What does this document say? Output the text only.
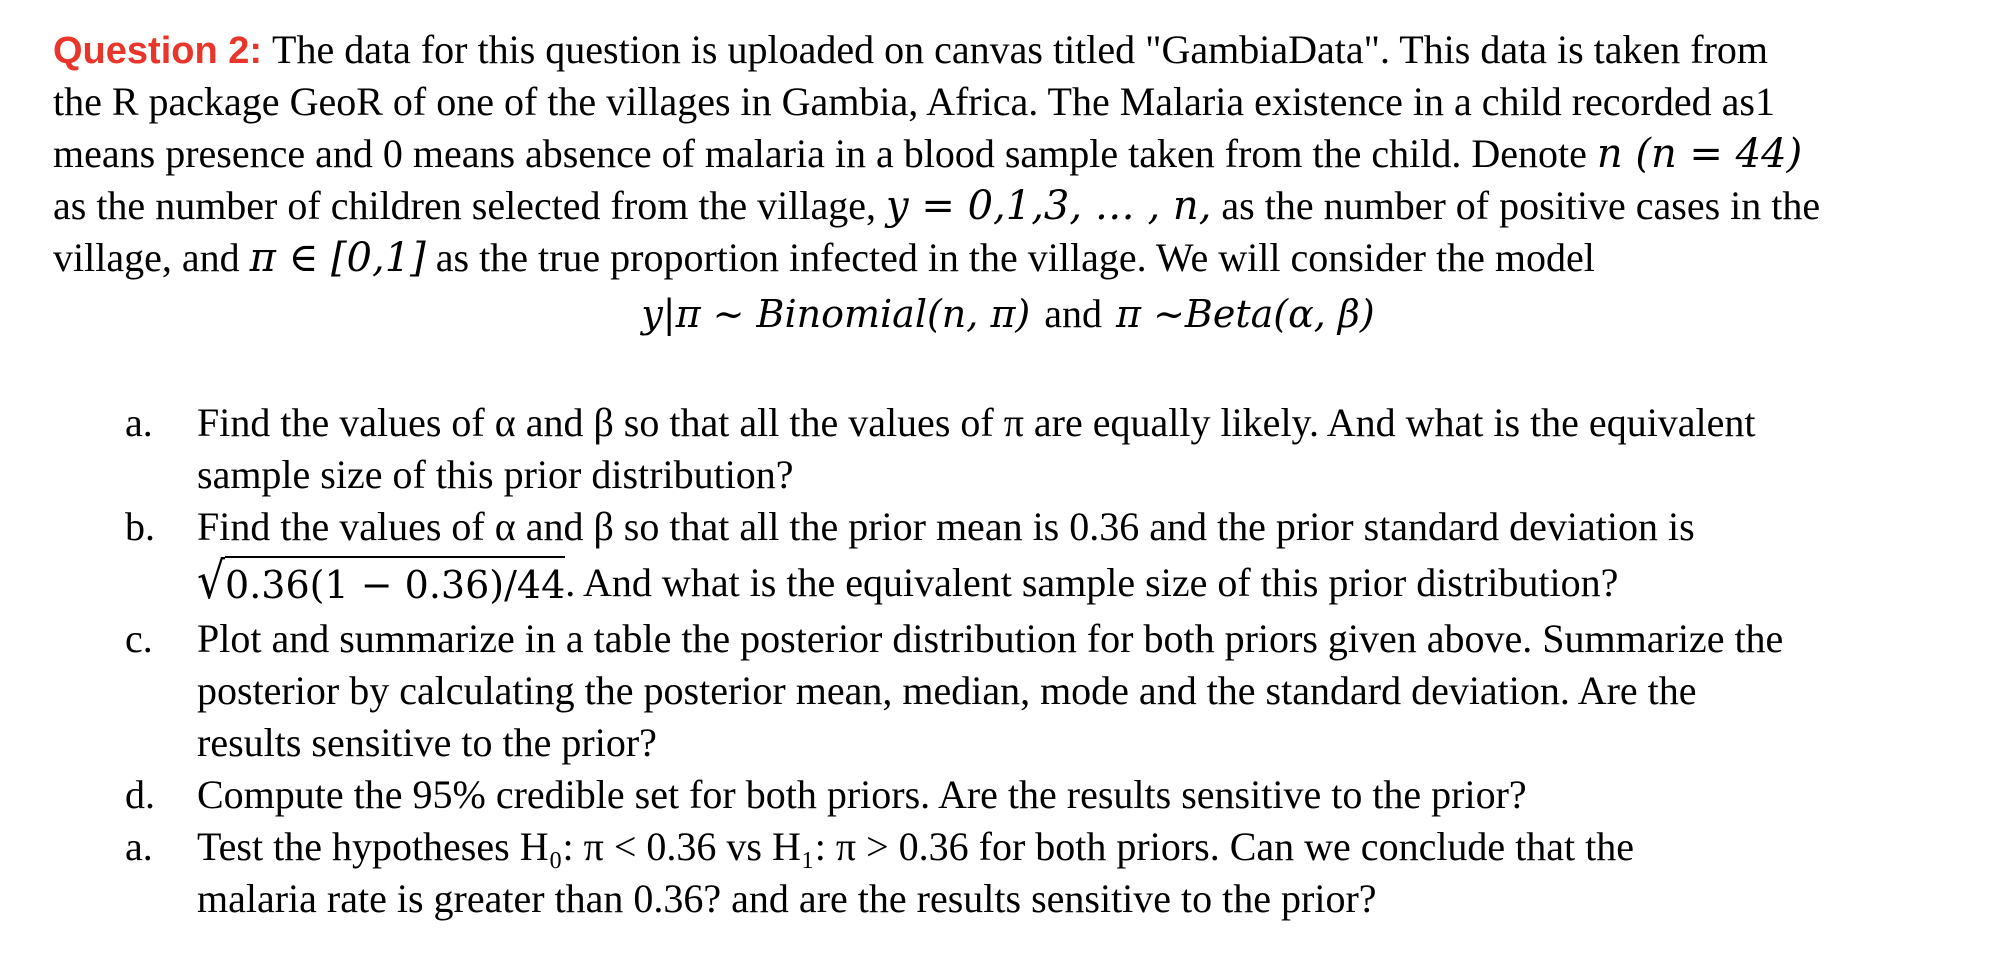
Question 2: The data for this question is uploaded on canvas titled "GambiaData". This data is taken from
the R package GeoR of one of the villages in Gambia, Africa. The Malaria existence in a child recorded as1
means presence and 0 means absence of malaria in a blood sample taken from the child. Denote n (n = 44)
as the number of children selected from the village, y = 0,1,3, … , n, as the number of positive cases in the
village, and π ∈ [0,1] as the true proportion infected in the village. We will consider the model
y|π ~ Binomial(n, π) and π ~Beta(α, β)
a. Find the values of α and β so that all the values of π are equally likely. And what is the equivalent
sample size of this prior distribution?
b. Find the values of α and β so that all the prior mean is 0.36 and the prior standard deviation is
√ 0.36(1 − 0.36)/44 . And what is the equivalent sample size of this prior distribution?
c. Plot and summarize in a table the posterior distribution for both priors given above. Summarize the
posterior by calculating the posterior mean, median, mode and the standard deviation. Are the
results sensitive to the prior?
d. Compute the 95% credible set for both priors. Are the results sensitive to the prior?
a. Test the hypotheses H₀: π < 0.36 vs H₁: π > 0.36 for both priors. Can we conclude that the
malaria rate is greater than 0.36? and are the results sensitive to the prior?
